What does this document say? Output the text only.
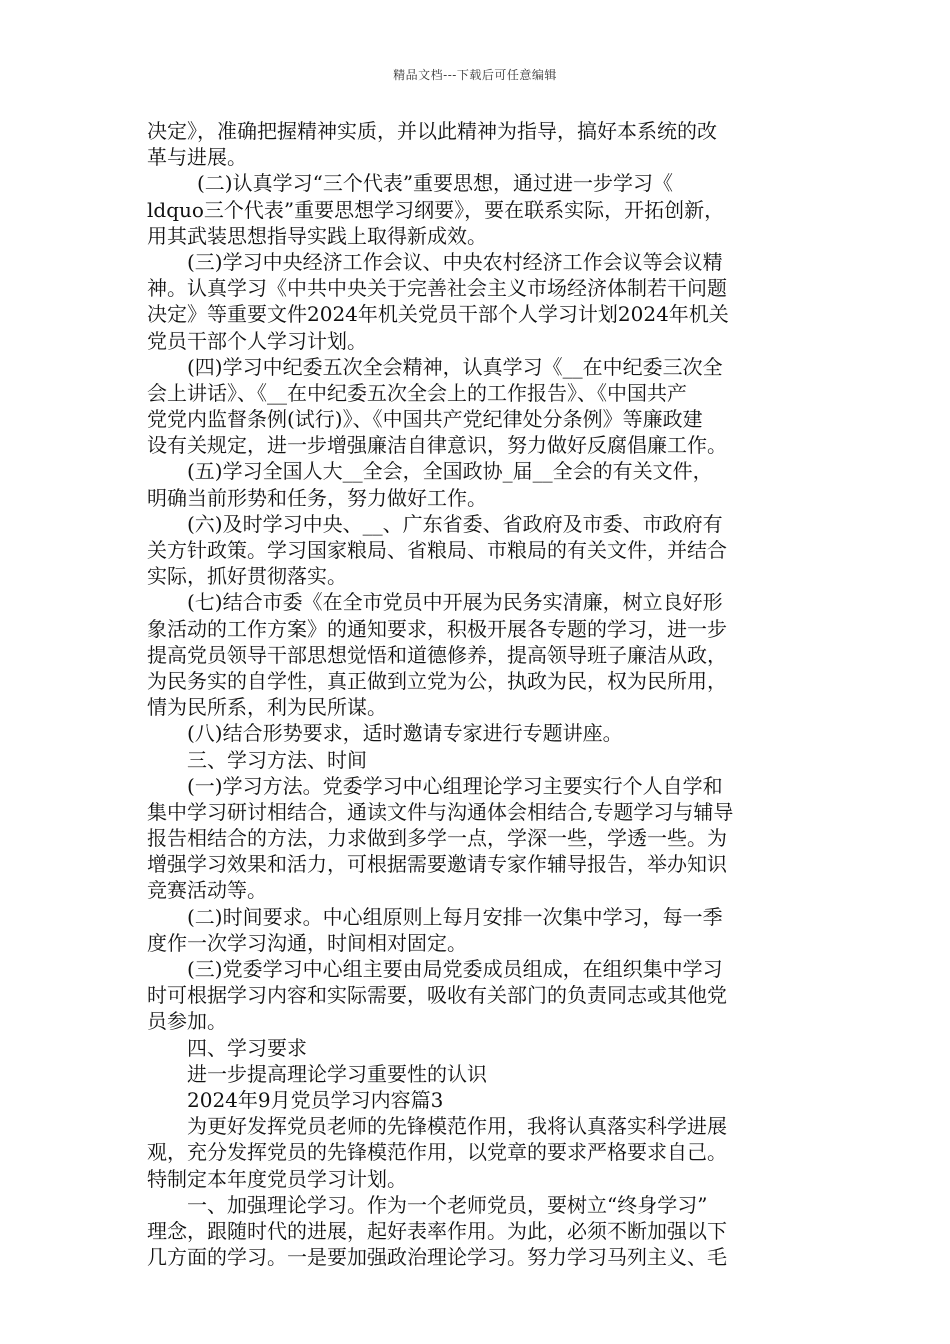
精品文档---下载后可任意编辑
决定》，准确把握精神实质，并以此精神为指导，搞好本系统的改
革与进展。
(二)认真学习“三个代表”重要思想，通过进一步学习《
ldquo三个代表”重要思想学习纲要》，要在联系实际，开拓创新，
用其武装思想指导实践上取得新成效。
(三)学习中央经济工作会议、中央农村经济工作会议等会议精
神。认真学习《中共中央关于完善社会主义市场经济体制若干问题
决定》等重要文件2024年机关党员干部个人学习计划2024年机关
党员干部个人学习计划。
(四)学习中纪委五次全会精神，认真学习《__在中纪委三次全
会上讲话》、《__在中纪委五次全会上的工作报告》、《中国共产
党党内监督条例(试行)》、《中国共产党纪律处分条例》等廉政建
设有关规定，进一步增强廉洁自律意识，努力做好反腐倡廉工作。
(五)学习全国人大__全会，全国政协_届__全会的有关文件，
明确当前形势和任务，努力做好工作。
(六)及时学习中央、__、广东省委、省政府及市委、市政府有
关方针政策。学习国家粮局、省粮局、市粮局的有关文件，并结合
实际，抓好贯彻落实。
(七)结合市委《在全市党员中开展为民务实清廉，树立良好形
象活动的工作方案》的通知要求，积极开展各专题的学习，进一步
提高党员领导干部思想觉悟和道德修养，提高领导班子廉洁从政，
为民务实的自学性，真正做到立党为公，执政为民，权为民所用，
情为民所系，利为民所谋。
(八)结合形势要求，适时邀请专家进行专题讲座。
三、学习方法、时间
(一)学习方法。党委学习中心组理论学习主要实行个人自学和
集中学习研讨相结合，通读文件与沟通体会相结合,专题学习与辅导
报告相结合的方法，力求做到多学一点，学深一些，学透一些。为
增强学习效果和活力，可根据需要邀请专家作辅导报告，举办知识
竞赛活动等。
(二)时间要求。中心组原则上每月安排一次集中学习，每一季
度作一次学习沟通，时间相对固定。
(三)党委学习中心组主要由局党委成员组成，在组织集中学习
时可根据学习内容和实际需要，吸收有关部门的负责同志或其他党
员参加。
四、学习要求
进一步提高理论学习重要性的认识
2024年9月党员学习内容篇3
为更好发挥党员老师的先锋模范作用，我将认真落实科学进展
观，充分发挥党员的先锋模范作用，以党章的要求严格要求自己。
特制定本年度党员学习计划。
一、加强理论学习。作为一个老师党员，要树立“终身学习”
理念，跟随时代的进展，起好表率作用。为此，必须不断加强以下
几方面的学习。一是要加强政治理论学习。努力学习马列主义、毛
